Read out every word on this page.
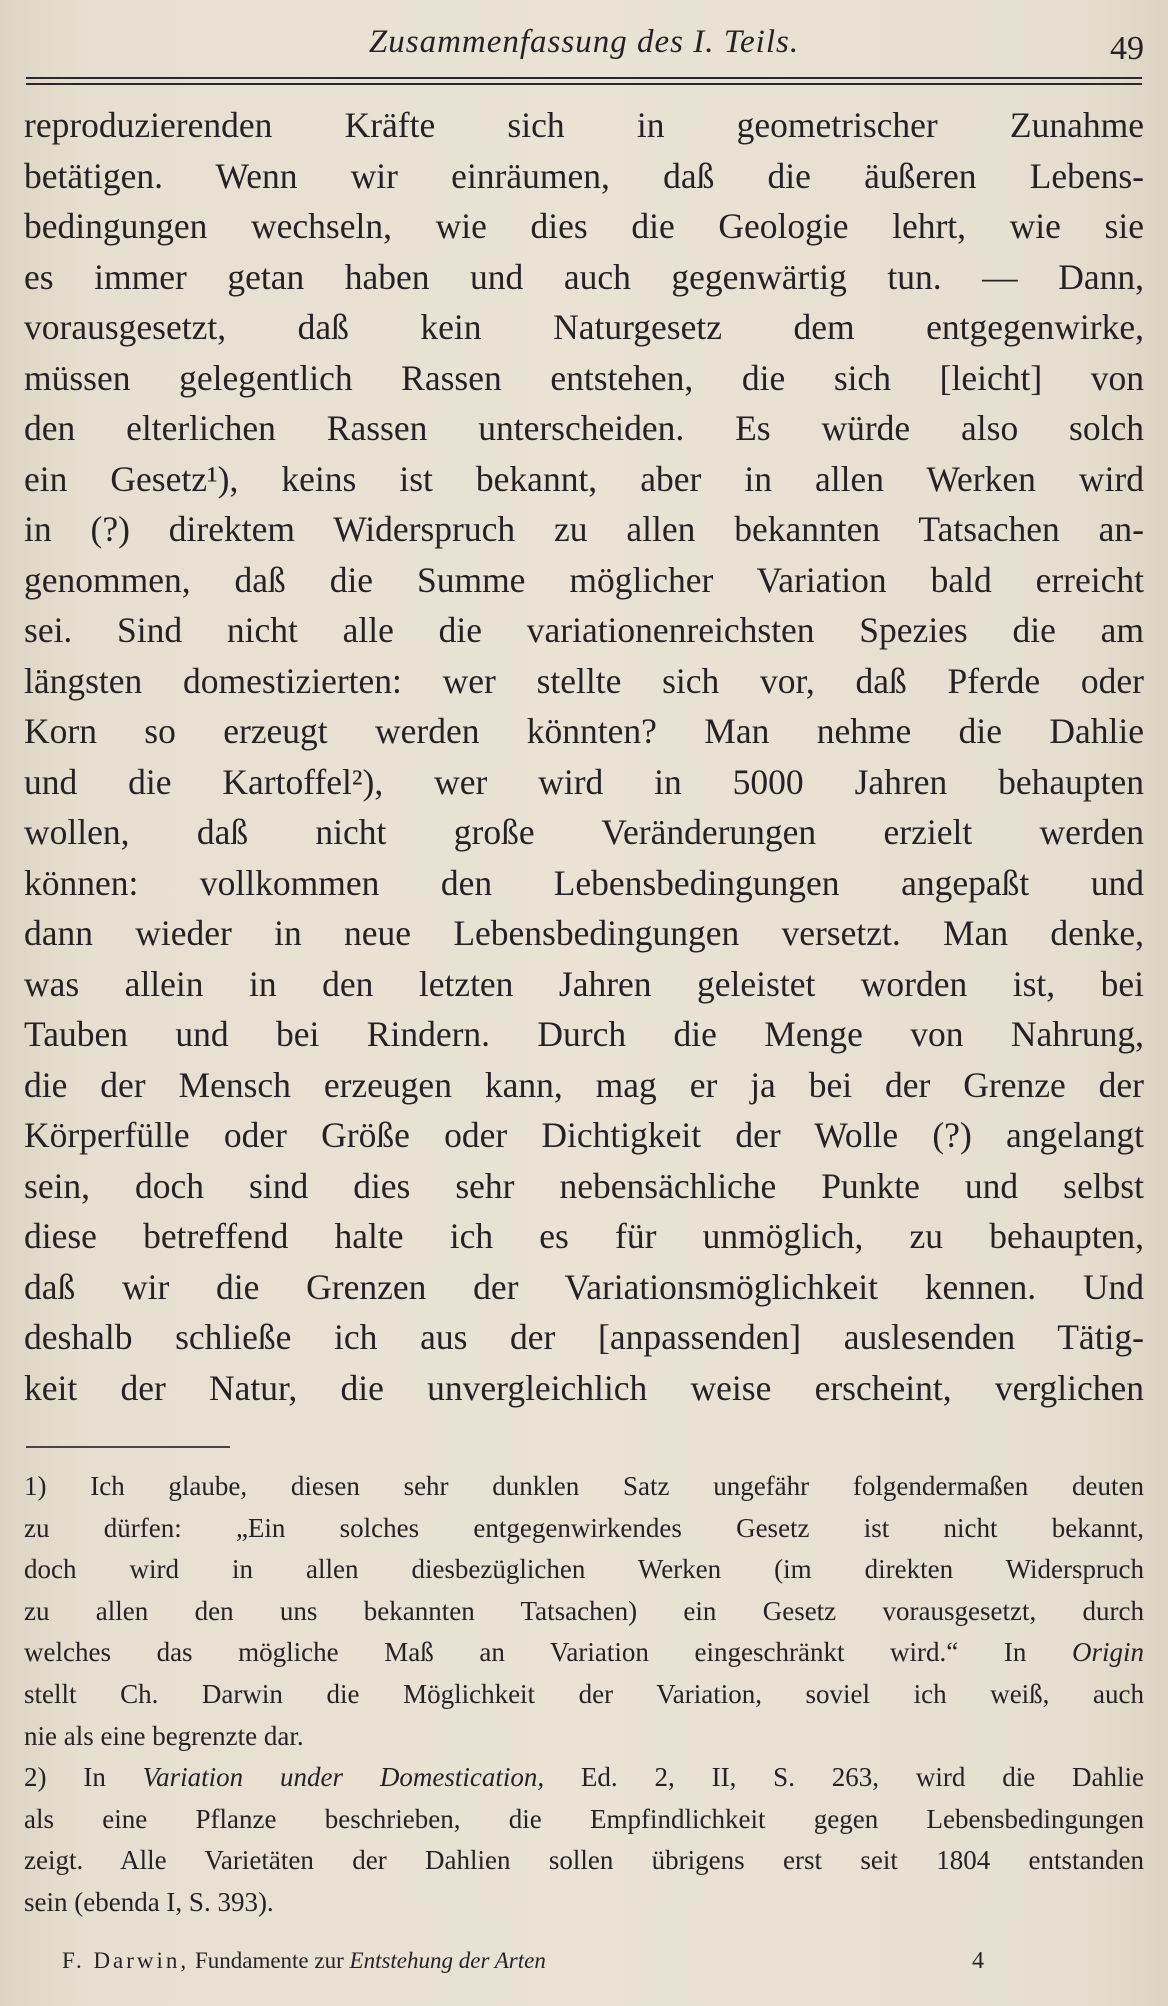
Zusammenfassung des I. Teils.	49
reproduzierenden Kräfte sich in geometrischer Zunahme
betätigen. Wenn wir einräumen, daß die äußeren Lebens-
bedingungen wechseln, wie dies die Geologie lehrt, wie sie
es immer getan haben und auch gegenwärtig tun. — Dann,
vorausgesetzt, daß kein Naturgesetz dem entgegenwirke,
müssen gelegentlich Rassen entstehen, die sich [leicht] von
den elterlichen Rassen unterscheiden. Es würde also solch
ein Gesetz¹), keins ist bekannt, aber in allen Werken wird
in (?) direktem Widerspruch zu allen bekannten Tatsachen an-
genommen, daß die Summe möglicher Variation bald erreicht
sei. Sind nicht alle die variationenreichsten Spezies die am
längsten domestizierten: wer stellte sich vor, daß Pferde oder
Korn so erzeugt werden könnten? Man nehme die Dahlie
und die Kartoffel²), wer wird in 5000 Jahren behaupten
wollen, daß nicht große Veränderungen erzielt werden
können: vollkommen den Lebensbedingungen angepaßt und
dann wieder in neue Lebensbedingungen versetzt. Man denke,
was allein in den letzten Jahren geleistet worden ist, bei
Tauben und bei Rindern. Durch die Menge von Nahrung,
die der Mensch erzeugen kann, mag er ja bei der Grenze der
Körperfülle oder Größe oder Dichtigkeit der Wolle (?) angelangt
sein, doch sind dies sehr nebensächliche Punkte und selbst
diese betreffend halte ich es für unmöglich, zu behaupten,
daß wir die Grenzen der Variationsmöglichkeit kennen. Und
deshalb schließe ich aus der [anpassenden] auslesenden Tätig-
keit der Natur, die unvergleichlich weise erscheint, verglichen
1) Ich glaube, diesen sehr dunklen Satz ungefähr folgendermaßen deuten
zu dürfen: „Ein solches entgegenwirkendes Gesetz ist nicht bekannt,
doch wird in allen diesbezüglichen Werken (im direkten Widerspruch
zu allen den uns bekannten Tatsachen) ein Gesetz vorausgesetzt, durch
welches das mögliche Maß an Variation eingeschränkt wird.“ In Origin
stellt Ch. Darwin die Möglichkeit der Variation, soviel ich weiß, auch
nie als eine begrenzte dar.
2) In Variation under Domestication, Ed. 2, II, S. 263, wird die Dahlie
als eine Pflanze beschrieben, die Empfindlichkeit gegen Lebensbedingungen
zeigt. Alle Varietäten der Dahlien sollen übrigens erst seit 1804 entstanden
sein (ebenda I, S. 393).
F. Darwin, Fundamente zur Entstehung der Arten	4
